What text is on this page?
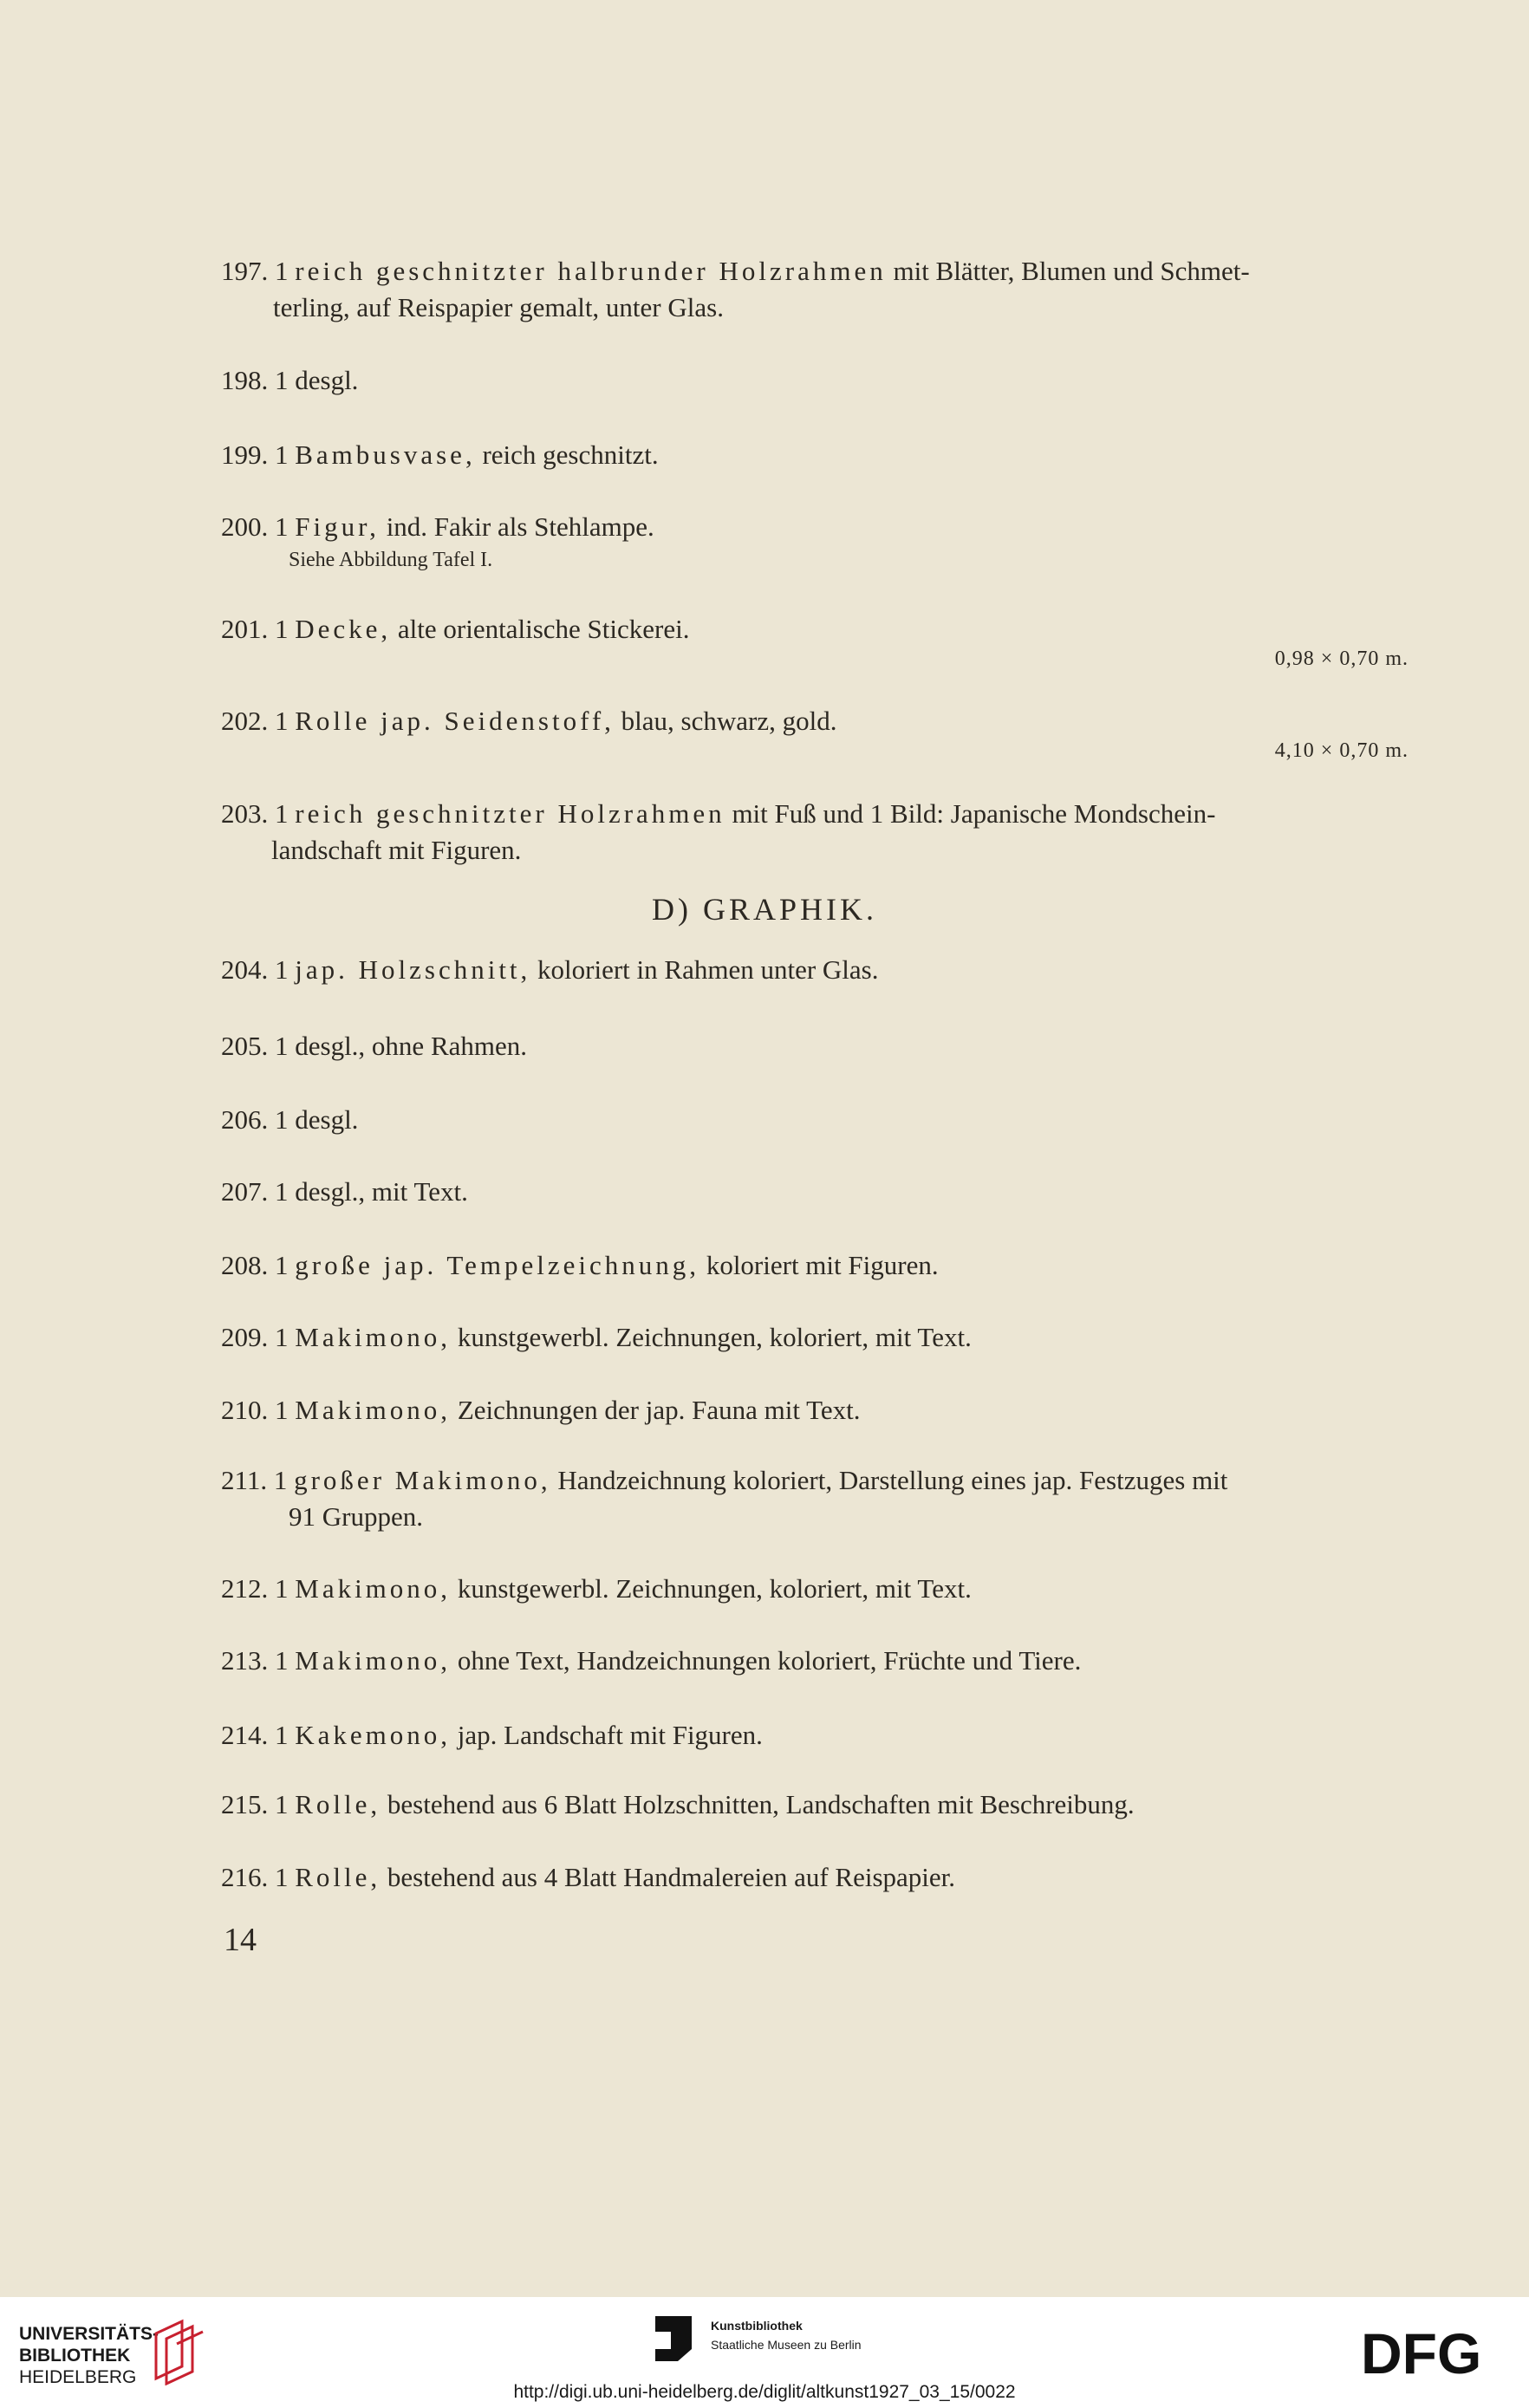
197. 1 reich geschnitzter halbrunder Holzrahmen mit Blätter, Blumen und Schmet-
terling, auf Reispapier gemalt, unter Glas.
198. 1 desgl.
199. 1 Bambusvase, reich geschnitzt.
200. 1 Figur, ind. Fakir als Stehlampe.
Siehe Abbildung Tafel I.
201. 1 Decke, alte orientalische Stickerei.
0,98 × 0,70 m.
202. 1 Rolle jap. Seidenstoff, blau, schwarz, gold.
4,10 × 0,70 m.
203. 1 reich geschnitzter Holzrahmen mit Fuß und 1 Bild: Japanische Mondschein-
landschaft mit Figuren.
D) GRAPHIK.
204. 1 jap. Holzschnitt, koloriert in Rahmen unter Glas.
205. 1 desgl., ohne Rahmen.
206. 1 desgl.
207. 1 desgl., mit Text.
208. 1 große jap. Tempelzeichnung, koloriert mit Figuren.
209. 1 Makimono, kunstgewerbl. Zeichnungen, koloriert, mit Text.
210. 1 Makimono, Zeichnungen der jap. Fauna mit Text.
211. 1 großer Makimono, Handzeichnung koloriert, Darstellung eines jap. Festzuges mit
91 Gruppen.
212. 1 Makimono, kunstgewerbl. Zeichnungen, koloriert, mit Text.
213. 1 Makimono, ohne Text, Handzeichnungen koloriert, Früchte und Tiere.
214. 1 Kakemono, jap. Landschaft mit Figuren.
215. 1 Rolle, bestehend aus 6 Blatt Holzschnitten, Landschaften mit Beschreibung.
216. 1 Rolle, bestehend aus 4 Blatt Handmalereien auf Reispapier.
14
UNIVERSITÄTS-
BIBLIOTHEK
HEIDELBERG
Kunstbibliothek
Staatliche Museen zu Berlin	DFG
http://digi.ub.uni-heidelberg.de/diglit/altkunst1927_03_15/0022
